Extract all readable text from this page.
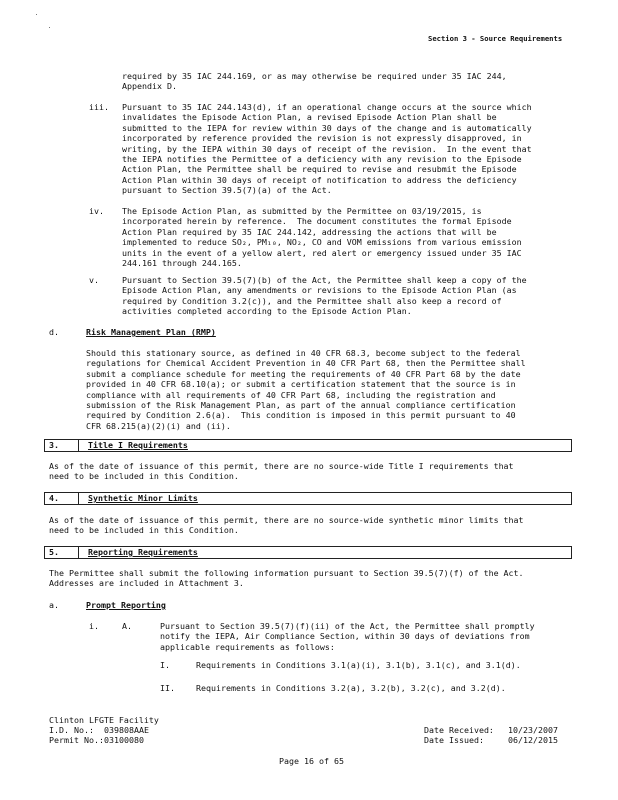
Section 3 - Source Requirements
required by 35 IAC 244.169, or as may otherwise be required under 35 IAC 244,
Appendix D.
iii. Pursuant to 35 IAC 244.143(d), if an operational change occurs at the source which
invalidates the Episode Action Plan, a revised Episode Action Plan shall be
submitted to the IEPA for review within 30 days of the change and is automatically
incorporated by reference provided the revision is not expressly disapproved, in
writing, by the IEPA within 30 days of receipt of the revision.  In the event that
the IEPA notifies the Permittee of a deficiency with any revision to the Episode
Action Plan, the Permittee shall be required to revise and resubmit the Episode
Action Plan within 30 days of receipt of notification to address the deficiency
pursuant to Section 39.5(7)(a) of the Act.
iv. The Episode Action Plan, as submitted by the Permittee on 03/19/2015, is
incorporated herein by reference.  The document constitutes the formal Episode
Action Plan required by 35 IAC 244.142, addressing the actions that will be
implemented to reduce SO₂, PM₁₀, NO₂, CO and VOM emissions from various emission
units in the event of a yellow alert, red alert or emergency issued under 35 IAC
244.161 through 244.165.
v.	Pursuant to Section 39.5(7)(b) of the Act, the Permittee shall keep a copy of the
Episode Action Plan, any amendments or revisions to the Episode Action Plan (as
required by Condition 3.2(c)), and the Permittee shall also keep a record of
activities completed according to the Episode Action Plan.
d.	Risk Management Plan (RMP)
Should this stationary source, as defined in 40 CFR 68.3, become subject to the federal
regulations for Chemical Accident Prevention in 40 CFR Part 68, then the Permittee shall
submit a compliance schedule for meeting the requirements of 40 CFR Part 68 by the date
provided in 40 CFR 68.10(a); or submit a certification statement that the source is in
compliance with all requirements of 40 CFR Part 68, including the registration and
submission of the Risk Management Plan, as part of the annual compliance certification
required by Condition 2.6(a).  This condition is imposed in this permit pursuant to 40
CFR 68.215(a)(2)(i) and (ii).
3.	Title I Requirements
As of the date of issuance of this permit, there are no source-wide Title I requirements that
need to be included in this Condition.
4.	Synthetic Minor Limits
As of the date of issuance of this permit, there are no source-wide synthetic minor limits that
need to be included in this Condition.
5.	Reporting Requirements
The Permittee shall submit the following information pursuant to Section 39.5(7)(f) of the Act.
Addresses are included in Attachment 3.
a.	Prompt Reporting
i.	A.	Pursuant to Section 39.5(7)(f)(ii) of the Act, the Permittee shall promptly
notify the IEPA, Air Compliance Section, within 30 days of deviations from
applicable requirements as follows:
I.	Requirements in Conditions 3.1(a)(i), 3.1(b), 3.1(c), and 3.1(d).
II.	Requirements in Conditions 3.2(a), 3.2(b), 3.2(c), and 3.2(d).
Clinton LFGTE Facility
I.D. No.:	039808AAE
Permit No.: 03100080
Date Received: 10/23/2007
Date Issued:	06/12/2015
Page 16 of 65
